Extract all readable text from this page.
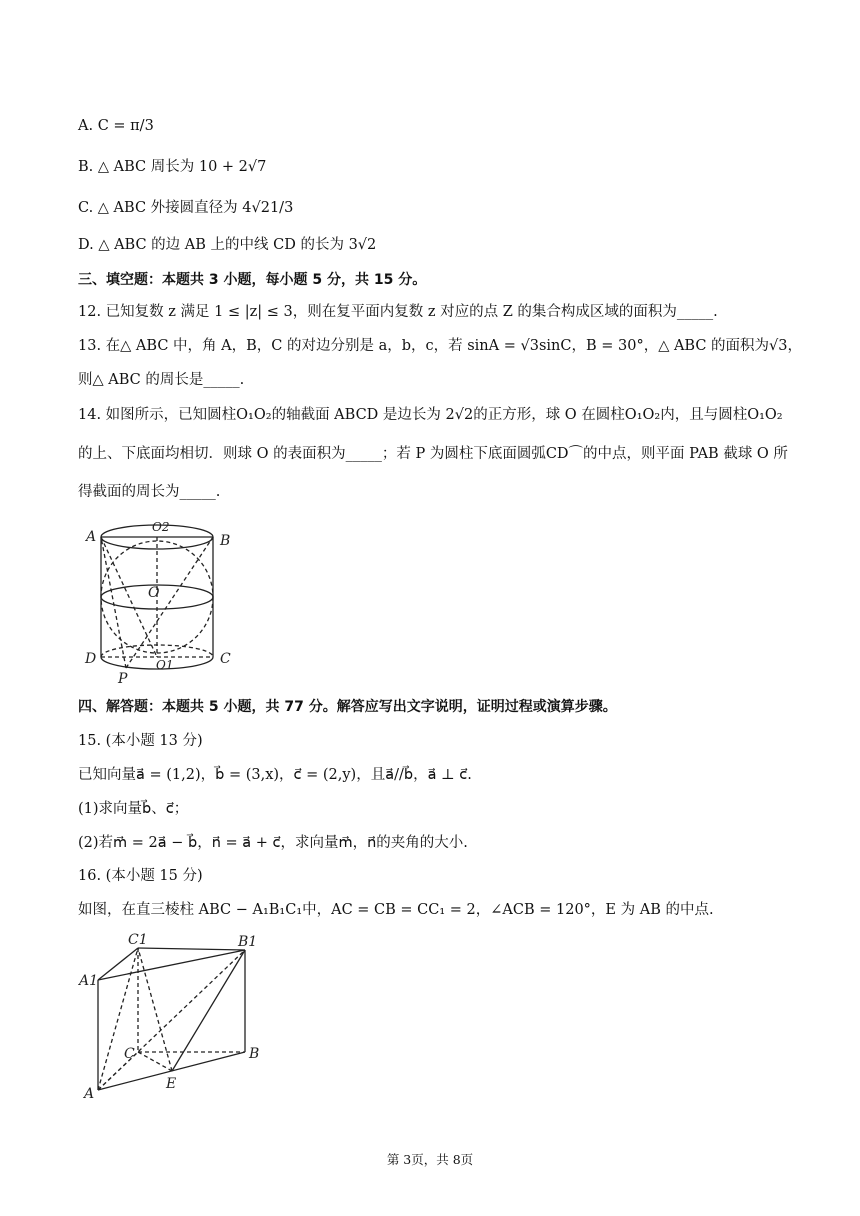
A. C = π/3
B. △ ABC 周长为 10 + 2√7
C. △ ABC 外接圆直径为 4√21/3
D. △ ABC 的边 AB 上的中线 CD 的长为 3√2
三、填空题：本题共 3 小题，每小题 5 分，共 15 分。
12. 已知复数 z 满足 1 ≤ |z| ≤ 3，则在复平面内复数 z 对应的点 Z 的集合构成区域的面积为_____.
13. 在△ ABC 中，角 A，B，C 的对边分别是 a，b，c，若 sinA = √3sinC，B = 30°，△ ABC 的面积为√3，
则△ ABC 的周长是_____.
14. 如图所示，已知圆柱O₁O₂的轴截面 ABCD 是边长为 2√2的正方形，球 O 在圆柱O₁O₂内，且与圆柱O₁O₂
的上、下底面均相切．则球 O 的表面积为_____；若 P 为圆柱下底面圆弧CD⌒的中点，则平面 PAB 截球 O 所
得截面的周长为_____.
A	B
C
D
O
O2
O1
P
四、解答题：本题共 5 小题，共 77 分。解答应写出文字说明，证明过程或演算步骤。
15. (本小题 13 分)
已知向量a⃗ = (1,2)，b⃗ = (3,x)，c⃗ = (2,y)，且a⃗//b⃗，a⃗ ⊥ c⃗.
(1)求向量b⃗、c⃗；
(2)若m⃗ = 2a⃗ − b⃗，n⃗ = a⃗ + c⃗，求向量m⃗，n⃗的夹角的大小.
16. (本小题 15 分)
如图，在直三棱柱 ABC − A₁B₁C₁中，AC = CB = CC₁ = 2，∠ACB = 120°，E 为 AB 的中点.
C1	B1
A1
C	B
E
A
第 3页，共 8页
